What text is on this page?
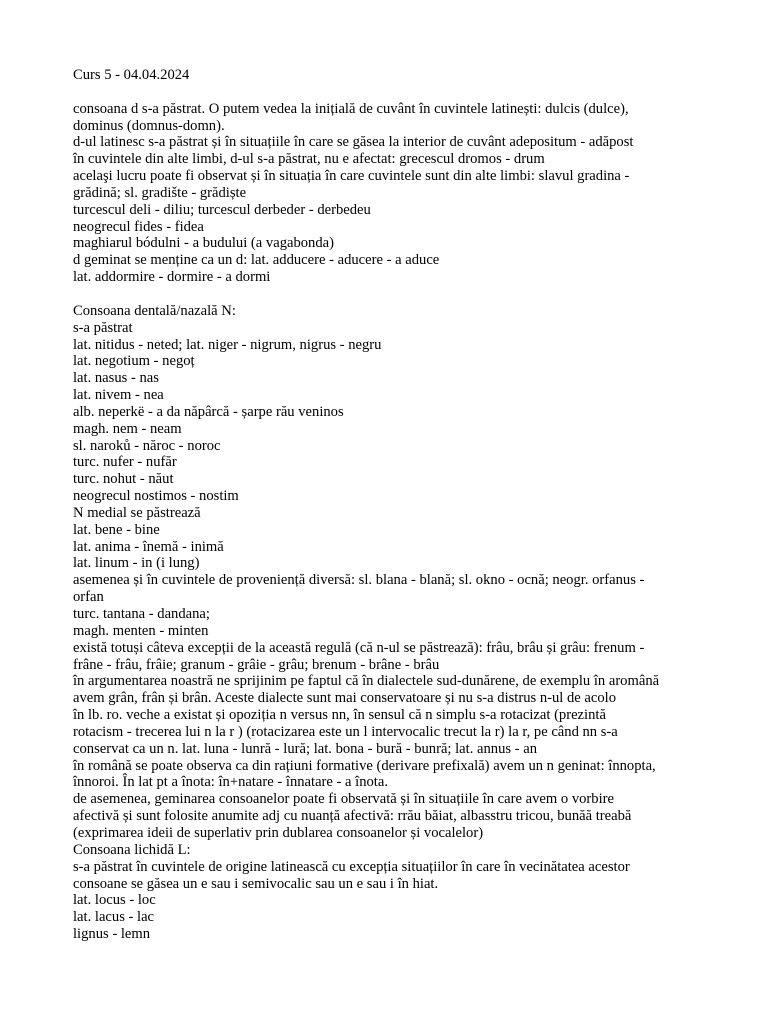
Curs 5 - 04.04.2024
consoana d s-a păstrat. O putem vedea la inițială de cuvânt în cuvintele latinești: dulcis (dulce),
dominus (domnus-domn).
d-ul latinesc s-a păstrat și în situațiile în care se găsea la interior de cuvânt adepositum - adăpost
în cuvintele din alte limbi, d-ul s-a păstrat, nu e afectat: grecescul dromos - drum
acelaşi lucru poate fi observat și în situația în care cuvintele sunt din alte limbi: slavul gradina -
grădină; sl. gradište - grădiște
turcescul deli - diliu; turcescul derbeder - derbedeu
neogrecul fides - fidea
maghiarul bódulni - a budului (a vagabonda)
d geminat se menține ca un d: lat. adducere - aducere - a aduce
lat. addormire - dormire - a dormi
Consoana dentală/nazală N:
s-a păstrat
lat. nitidus - neted; lat. niger - nigrum, nigrus - negru
lat. negotium - negoț
lat. nasus - nas
lat. nivem - nea
alb. neperkë - a da năpârcă - șarpe rău veninos
magh. nem - neam
sl. naroků - năroc - noroc
turc. nufer - nufăr
turc. nohut - năut
neogrecul nostimos - nostim
N medial se păstrează
lat. bene - bine
lat. anima - înemă - inimă
lat. linum - in (i lung)
asemenea și în cuvintele de proveniență diversă: sl. blana - blană; sl. okno - ocnă; neogr. orfanus -
orfan
turc. tantana - dandana;
magh. menten - minten
există totuși câteva excepții de la această regulă (că n-ul se păstrează): frâu, brâu și grâu: frenum -
frâne - frâu, frâie; granum - grâie - grâu; brenum - brâne - brâu
în argumentarea noastră ne sprijinim pe faptul că în dialectele sud-dunărene, de exemplu în aromână
avem grân, frân și brân. Aceste dialecte sunt mai conservatoare și nu s-a distrus n-ul de acolo
în lb. ro. veche a existat și opoziția n versus nn, în sensul că n simplu s-a rotacizat (prezintă
rotacism - trecerea lui n la r ) (rotacizarea este un l intervocalic trecut la r) la r, pe când nn s-a
conservat ca un n. lat. luna - lunră - lură; lat. bona - bură - bunră; lat. annus - an
în română se poate observa ca din rațiuni formative (derivare prefixală) avem un n geninat: înnopta,
înnoroi. În lat pt a înota: în+natare - înnatare - a înota.
de asemenea, geminarea consoanelor poate fi observată și în situațiile în care avem o vorbire
afectivă și sunt folosite anumite adj cu nuanță afectivă: rrău băiat, albasstru tricou, bunăă treabă
(exprimarea ideii de superlativ prin dublarea consoanelor și vocalelor)
Consoana lichidă L:
s-a păstrat în cuvintele de origine latinească cu excepția situațiilor în care în vecinătatea acestor
consoane se găsea un e sau i semivocalic sau un e sau i în hiat.
lat. locus - loc
lat. lacus - lac
lignus - lemn
